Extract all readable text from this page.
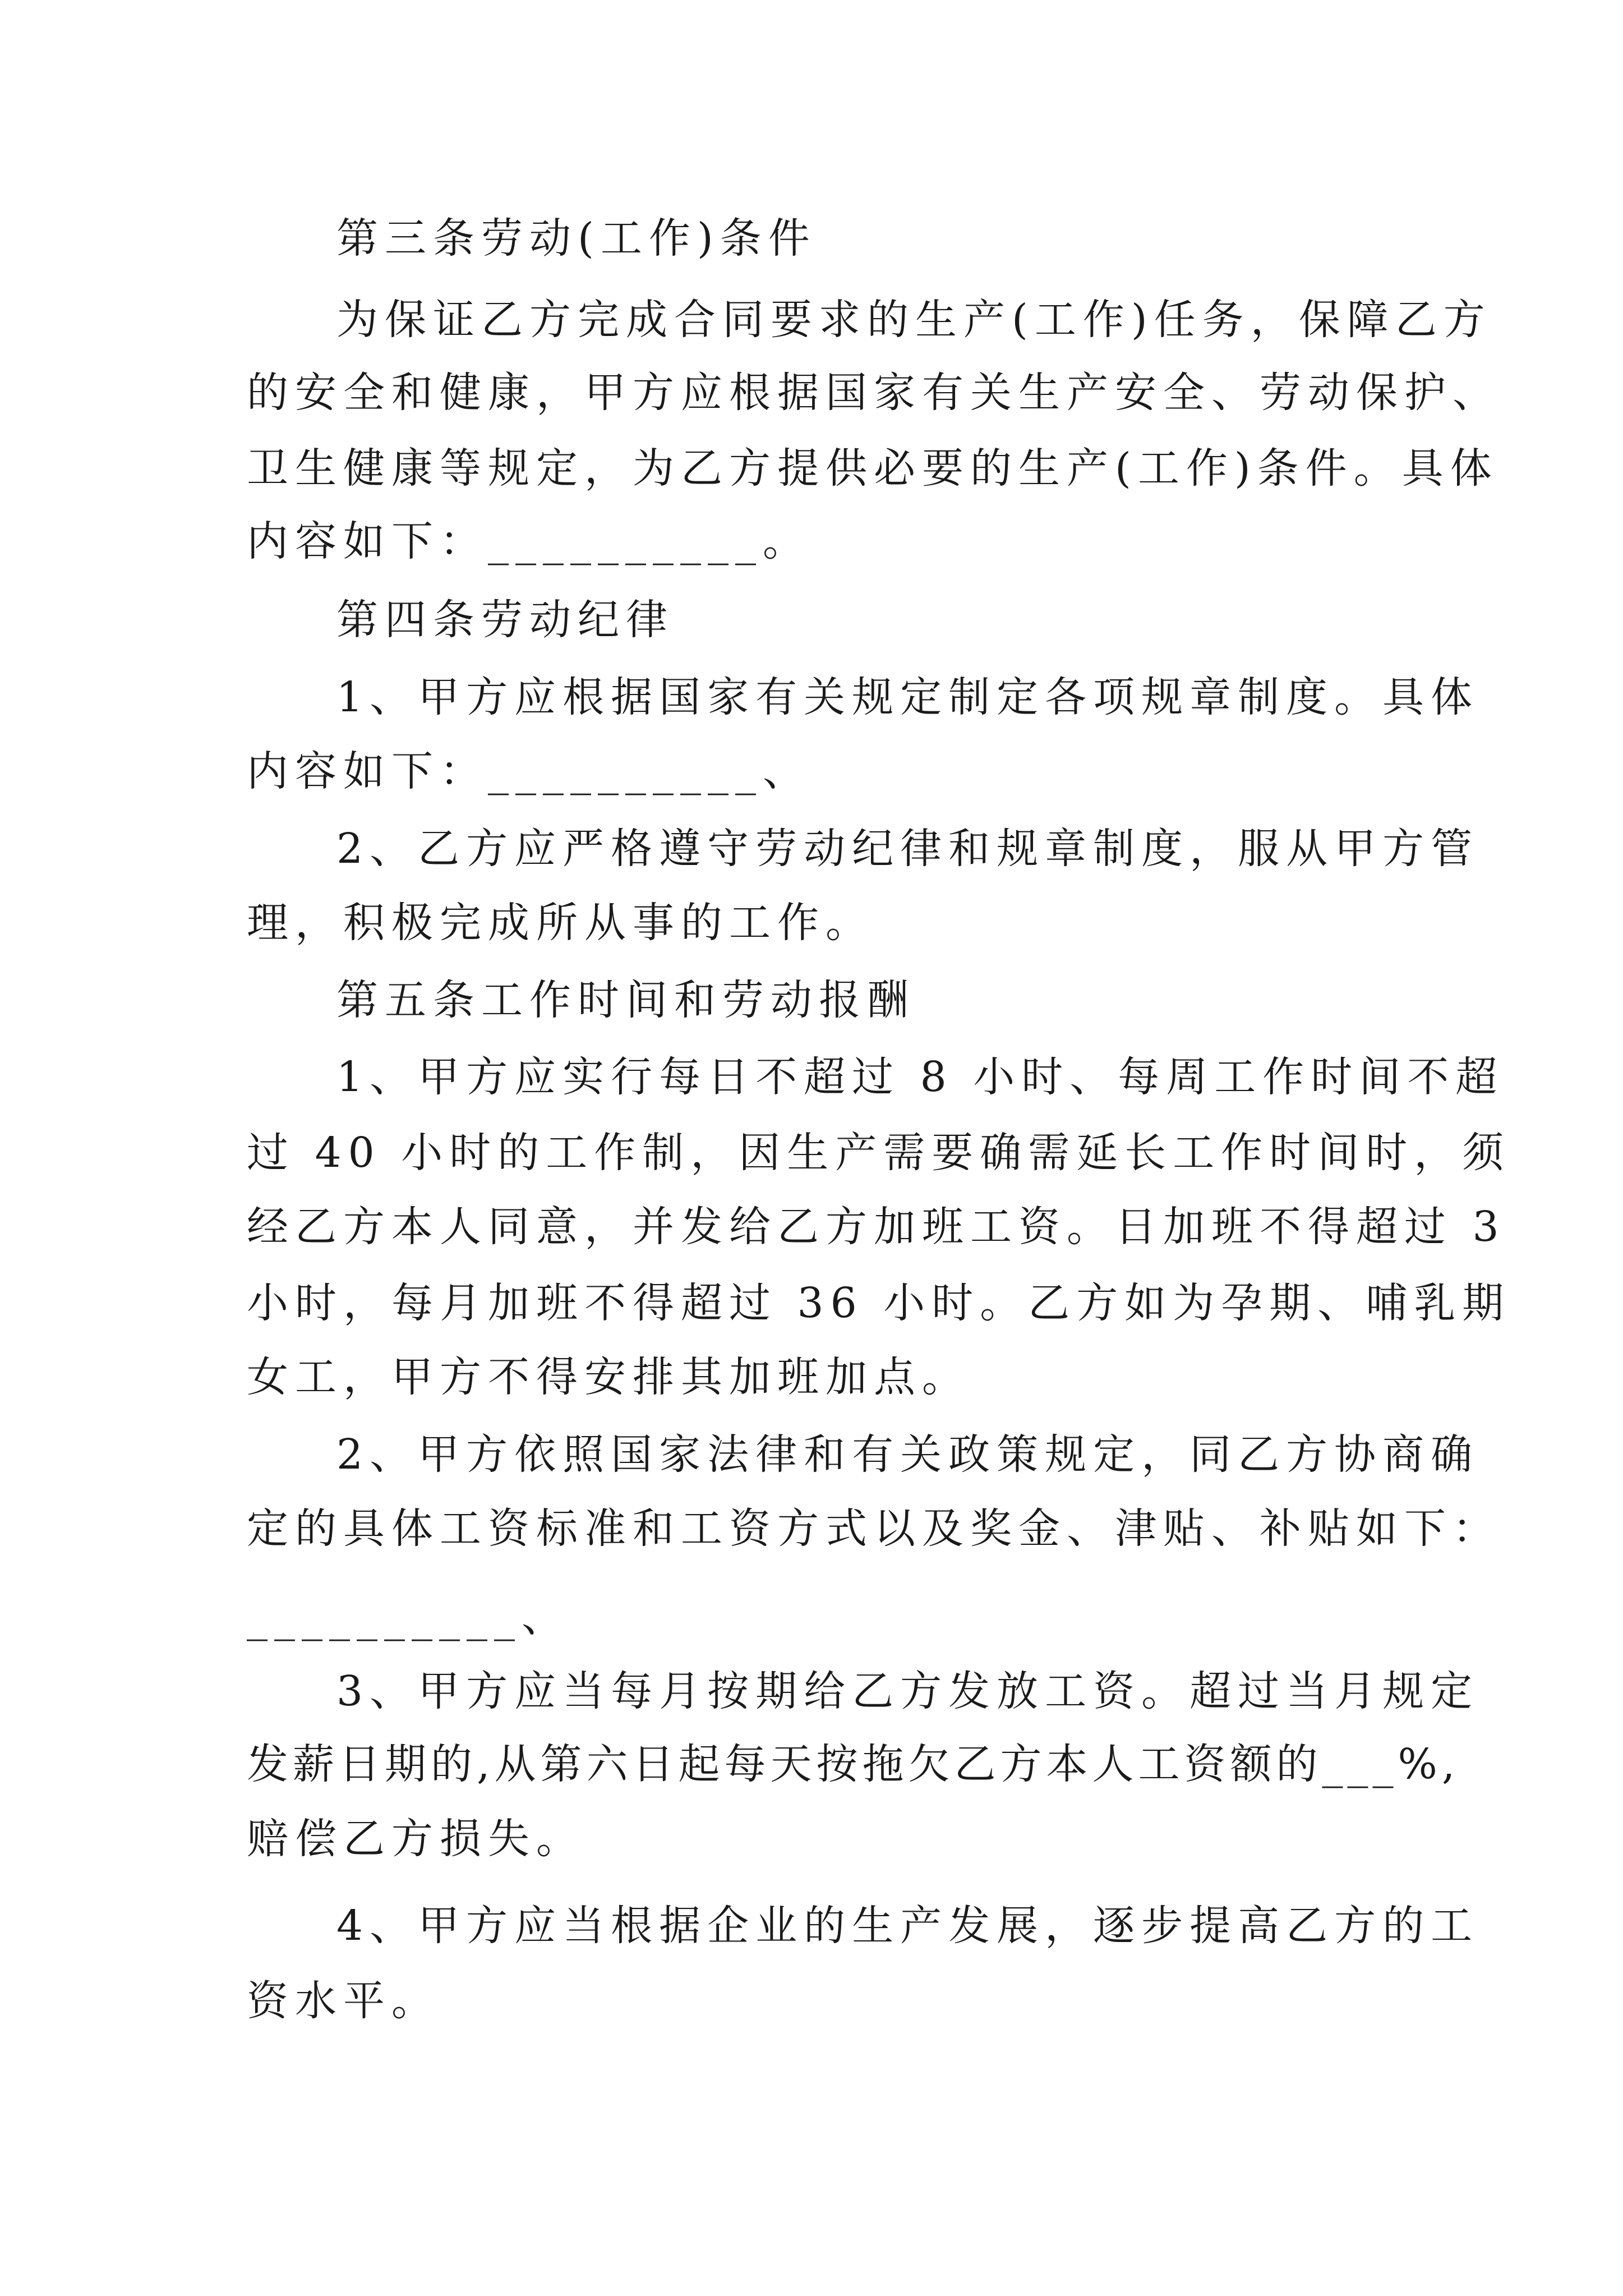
第三条劳动(工作)条件
为保证乙方完成合同要求的生产(工作)任务，保障乙方
的安全和健康，甲方应根据国家有关生产安全、劳动保护、
卫生健康等规定，为乙方提供必要的生产(工作)条件。具体
内容如下：__________。
第四条劳动纪律
1、甲方应根据国家有关规定制定各项规章制度。具体
内容如下：__________、
2、乙方应严格遵守劳动纪律和规章制度，服从甲方管
理，积极完成所从事的工作。
第五条工作时间和劳动报酬
1、甲方应实行每日不超过 8 小时、每周工作时间不超
过 40 小时的工作制，因生产需要确需延长工作时间时，须
经乙方本人同意，并发给乙方加班工资。日加班不得超过 3
小时，每月加班不得超过 36 小时。乙方如为孕期、哺乳期
女工，甲方不得安排其加班加点。
2、甲方依照国家法律和有关政策规定，同乙方协商确
定的具体工资标准和工资方式以及奖金、津贴、补贴如下：
__________、
3、甲方应当每月按期给乙方发放工资。超过当月规定
发薪日期的,从第六日起每天按拖欠乙方本人工资额的___%,
赔偿乙方损失。
4、甲方应当根据企业的生产发展，逐步提高乙方的工
资水平。
